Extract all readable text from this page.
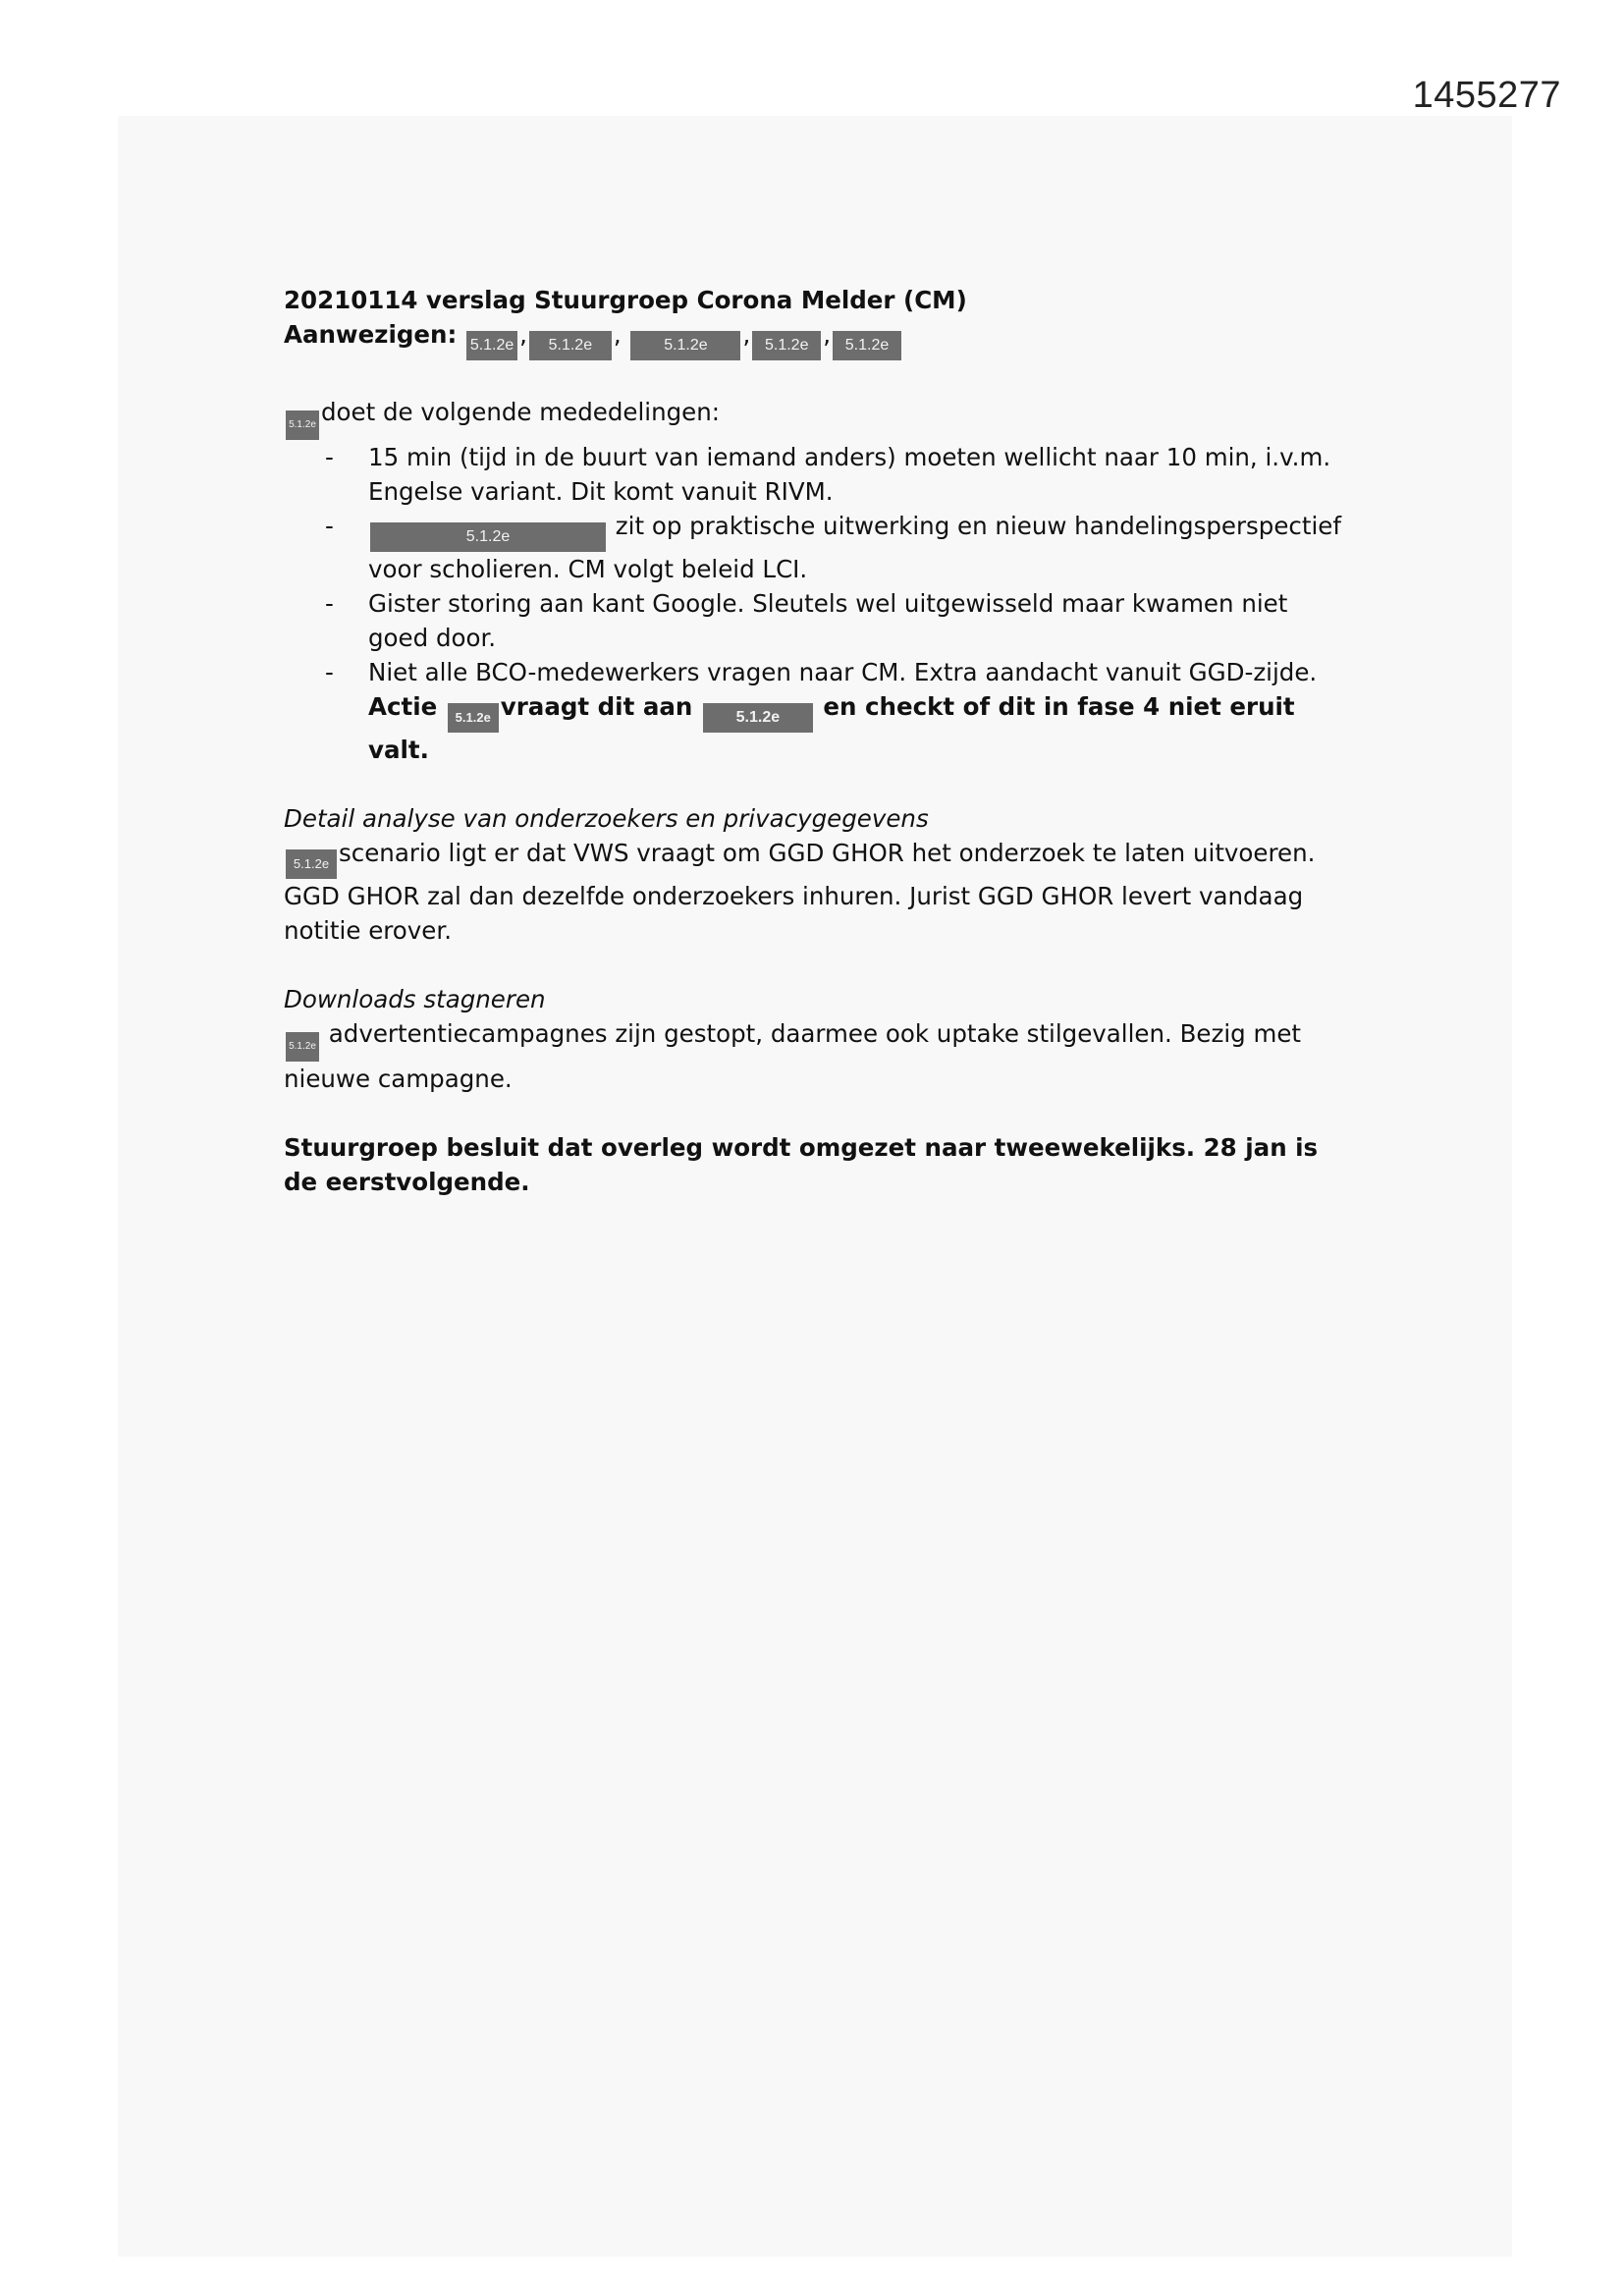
1455277

20210114 verslag Stuurgroep Corona Melder (CM)

Aanwezigen: 5.1.2e , 5.1.2e , 5.1.2e , 5.1.2e , 5.1.2e

5.1.2e doet de volgende mededelingen:

- 15 min (tijd in de buurt van iemand anders) moeten wellicht naar 10 min, i.v.m. Engelse variant. Dit komt vanuit RIVM.
-	5.1.2e	zit op praktische uitwerking en nieuw handelingsperspectief voor scholieren. CM volgt beleid LCI.
- Gister storing aan kant Google. Sleutels wel uitgewisseld maar kwamen niet goed door.
- Niet alle BCO-medewerkers vragen naar CM. Extra aandacht vanuit GGD-zijde.
Actie 5.1.2e vraagt dit aan	5.1.2e en checkt of dit in fase 4 niet eruit valt.

Detail analyse van onderzoekers en privacygegevens

5.1.2e scenario ligt er dat VWS vraagt om GGD GHOR het onderzoek te laten uitvoeren. GGD GHOR zal dan dezelfde onderzoekers inhuren. Jurist GGD GHOR levert vandaag notitie erover.

Downloads stagneren

5.1.2e advertentiecampagnes zijn gestopt, daarmee ook uptake stilgevallen. Bezig met nieuwe campagne.

Stuurgroep besluit dat overleg wordt omgezet naar tweewekelijks. 28 jan is de eerstvolgende.
